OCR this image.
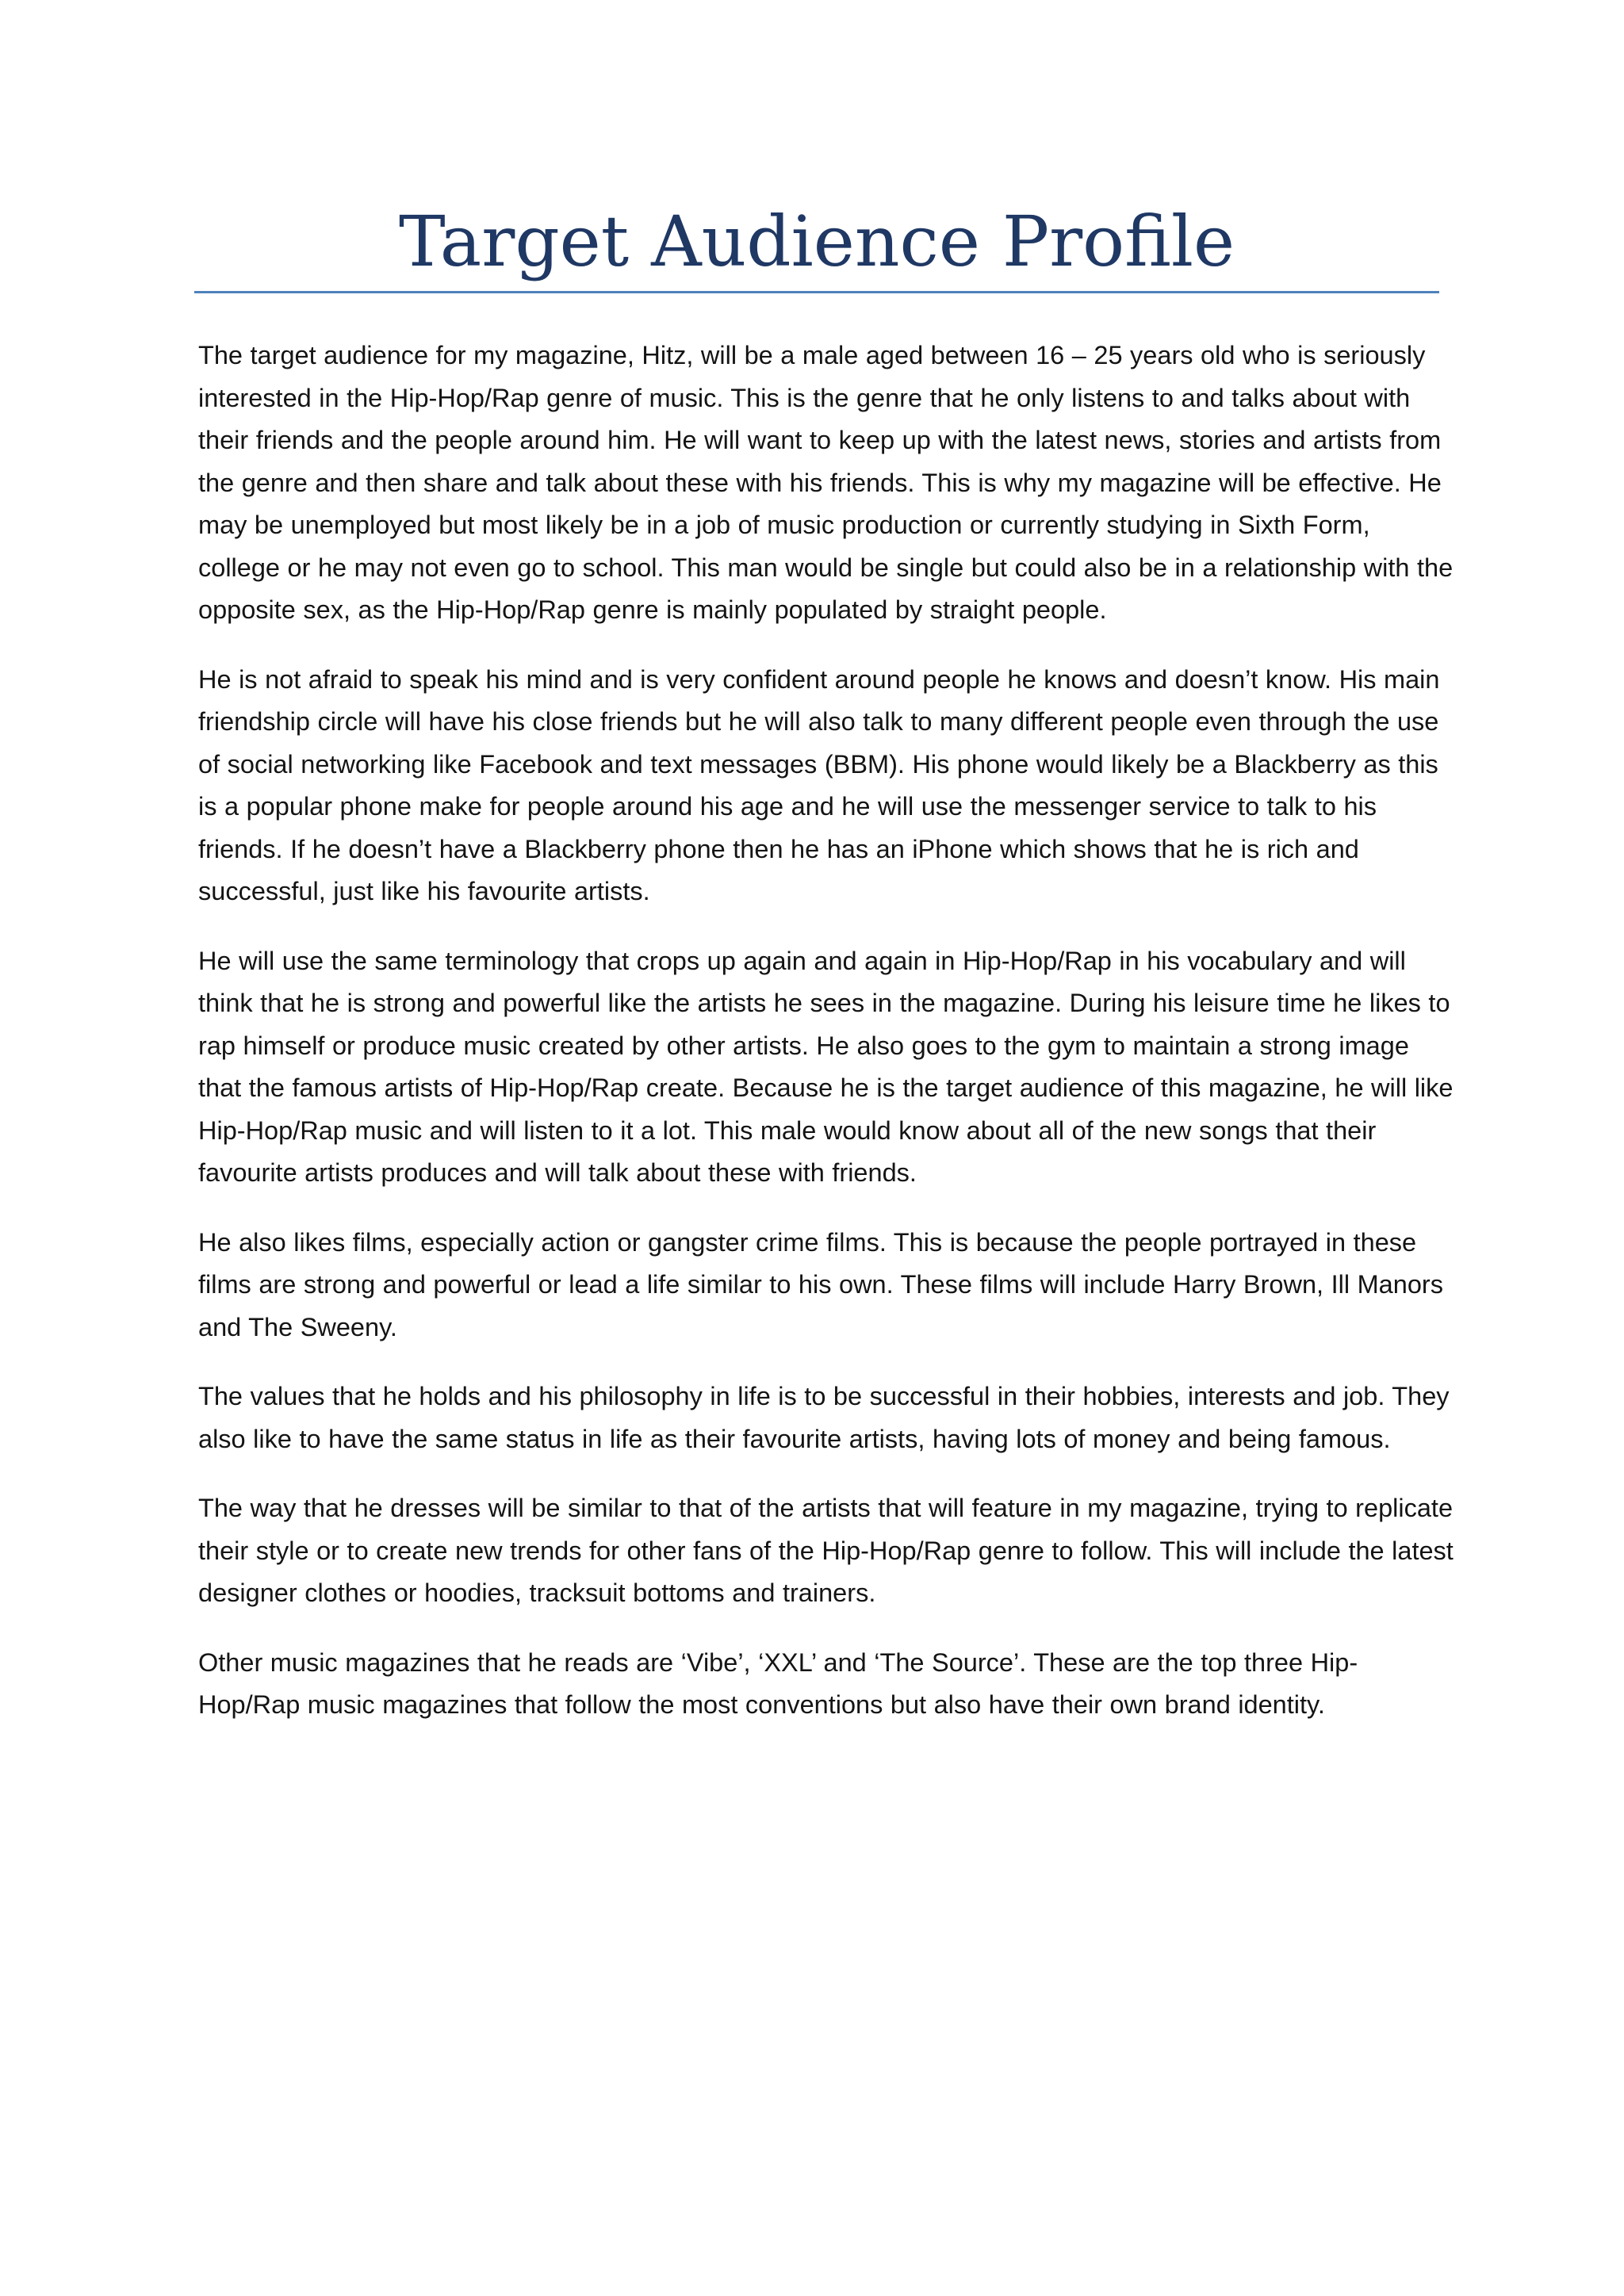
Target Audience Profile

The target audience for my magazine, Hitz, will be a male aged between 16 – 25 years old who is seriously interested in the Hip-Hop/Rap genre of music. This is the genre that he only listens to and talks about with their friends and the people around him. He will want to keep up with the latest news, stories and artists from the genre and then share and talk about these with his friends. This is why my magazine will be effective. He may be unemployed but most likely be in a job of music production or currently studying in Sixth Form, college or he may not even go to school. This man would be single but could also be in a relationship with the opposite sex, as the Hip-Hop/Rap genre is mainly populated by straight people.

He is not afraid to speak his mind and is very confident around people he knows and doesn’t know. His main friendship circle will have his close friends but he will also talk to many different people even through the use of social networking like Facebook and text messages (BBM). His phone would likely be a Blackberry as this is a popular phone make for people around his age and he will use the messenger service to talk to his friends. If he doesn’t have a Blackberry phone then he has an iPhone which shows that he is rich and successful, just like his favourite artists.

He will use the same terminology that crops up again and again in Hip-Hop/Rap in his vocabulary and will think that he is strong and powerful like the artists he sees in the magazine. During his leisure time he likes to rap himself or produce music created by other artists. He also goes to the gym to maintain a strong image that the famous artists of Hip-Hop/Rap create. Because he is the target audience of this magazine, he will like Hip-Hop/Rap music and will listen to it a lot. This male would know about all of the new songs that their favourite artists produces and will talk about these with friends.

He also likes films, especially action or gangster crime films. This is because the people portrayed in these films are strong and powerful or lead a life similar to his own. These films will include Harry Brown, Ill Manors and The Sweeny.

The values that he holds and his philosophy in life is to be successful in their hobbies, interests and job. They also like to have the same status in life as their favourite artists, having lots of money and being famous.

The way that he dresses will be similar to that of the artists that will feature in my magazine, trying to replicate their style or to create new trends for other fans of the Hip-Hop/Rap genre to follow. This will include the latest designer clothes or hoodies, tracksuit bottoms and trainers.

Other music magazines that he reads are ‘Vibe’, ‘XXL’ and ‘The Source’. These are the top three Hip-Hop/Rap music magazines that follow the most conventions but also have their own brand identity.
